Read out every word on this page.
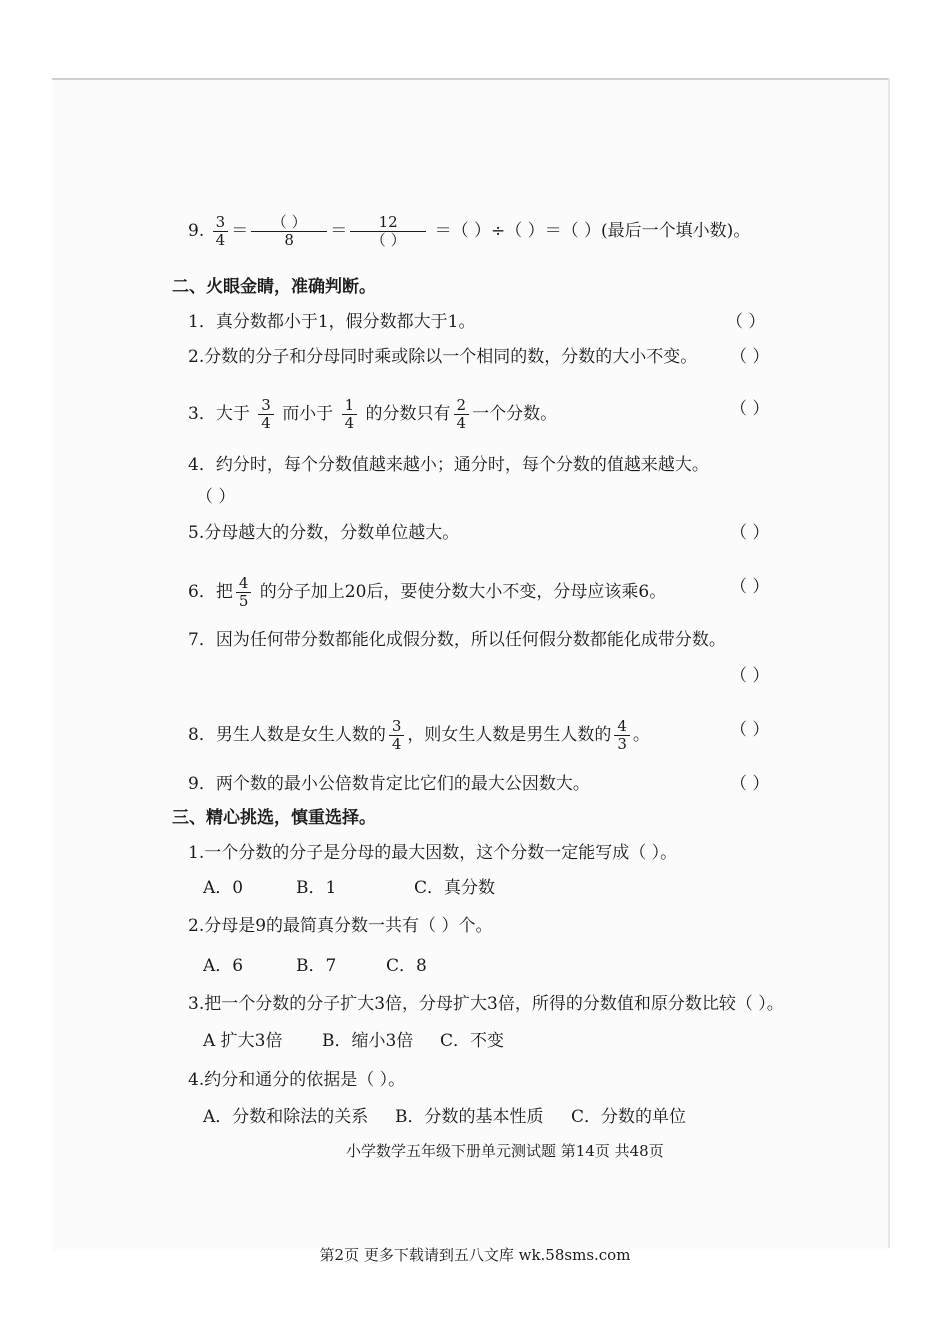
9. $\frac{3}{4} = \frac{( )}{8} = \frac{12}{( )}$ ＝（ ）÷（ ）＝（ ）(最后一个填小数)。
二、火眼金睛，准确判断。
1．真分数都小于1，假分数都大于1。	（ ）
2.分数的分子和分母同时乘或除以一个相同的数，分数的大小不变。 （ ）
3．大于 $\frac{3}{4}$ 而小于 $\frac{1}{4}$ 的分数只有 $\frac{2}{4}$ 一个分数。	（ ）
4．约分时，每个分数值越来越小；通分时，每个分数的值越来越大。
（ ）
5.分母越大的分数，分数单位越大。	（ ）
6．把 $\frac{4}{5}$ 的分子加上20后，要使分数大小不变，分母应该乘6。	（ ）
7．因为任何带分数都能化成假分数，所以任何假分数都能化成带分数。
（ ）
8．男生人数是女生人数的 $\frac{3}{4}$ ，则女生人数是男生人数的 $\frac{4}{3}$ 。	（ ）
9．两个数的最小公倍数肯定比它们的最大公因数大。	（ ）
三、精心挑选，慎重选择。
1.一个分数的分子是分母的最大因数，这个分数一定能写成（ ）。
A．0	B．1	C．真分数
2.分母是9的最简真分数一共有（ ）个。
A．6	B．7	C．8
3.把一个分数的分子扩大3倍，分母扩大3倍，所得的分数值和原分数比较（ ）。
A 扩大3倍 B．缩小3倍 C．不变
4.约分和通分的依据是（ ）。
A．分数和除法的关系 B．分数的基本性质 C．分数的单位
小学数学五年级下册单元测试题 第14页 共48页
第2页 更多下载请到五八文库 wk.58sms.com
